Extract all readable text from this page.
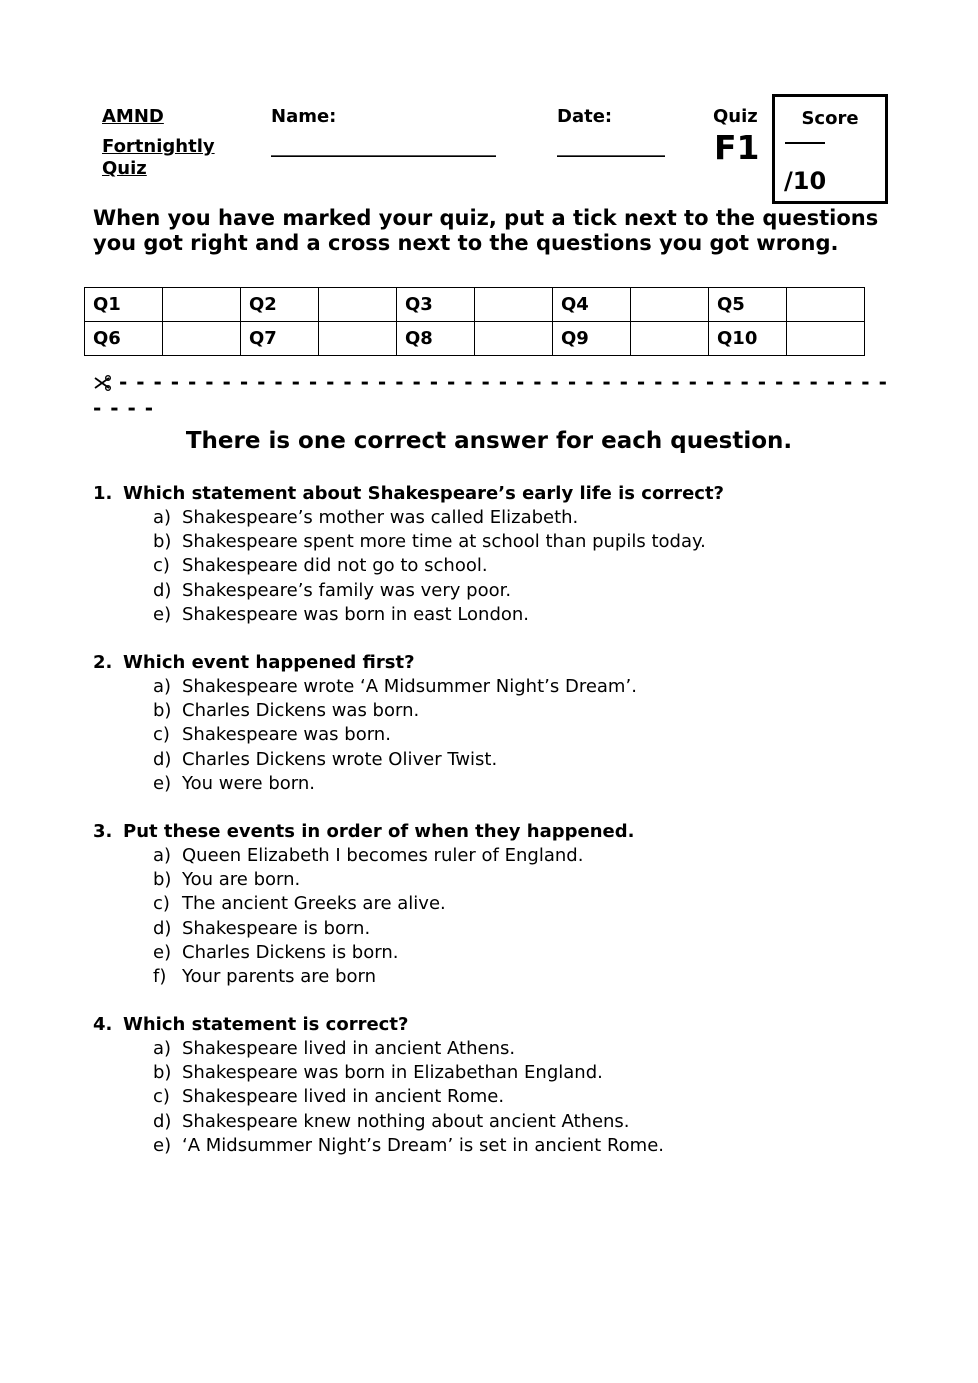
AMND
Fortnightly Quiz
Name:
_________________________
Date:
____________
Quiz
F1
Score
/10
When you have marked your quiz, put a tick next to the questions you got right and a cross next to the questions you got wrong.
Q1		Q2		Q3		Q4		Q5	
Q6		Q7		Q8		Q9		Q10	
- - - - - - - - - - - - - - - - - - - - - - - - - - - - - - - - - - - - - - - - - - - - - - - - -
There is one correct answer for each question.
1. Which statement about Shakespeare’s early life is correct?
a) Shakespeare’s mother was called Elizabeth.
b) Shakespeare spent more time at school than pupils today.
c) Shakespeare did not go to school.
d) Shakespeare’s family was very poor.
e) Shakespeare was born in east London.
2. Which event happened first?
a) Shakespeare wrote ‘A Midsummer Night’s Dream’.
b) Charles Dickens was born.
c) Shakespeare was born.
d) Charles Dickens wrote Oliver Twist.
e) You were born.
3. Put these events in order of when they happened.
a) Queen Elizabeth I becomes ruler of England.
b) You are born.
c) The ancient Greeks are alive.
d) Shakespeare is born.
e) Charles Dickens is born.
f) Your parents are born
4. Which statement is correct?
a) Shakespeare lived in ancient Athens.
b) Shakespeare was born in Elizabethan England.
c) Shakespeare lived in ancient Rome.
d) Shakespeare knew nothing about ancient Athens.
e) ‘A Midsummer Night’s Dream’ is set in ancient Rome.
